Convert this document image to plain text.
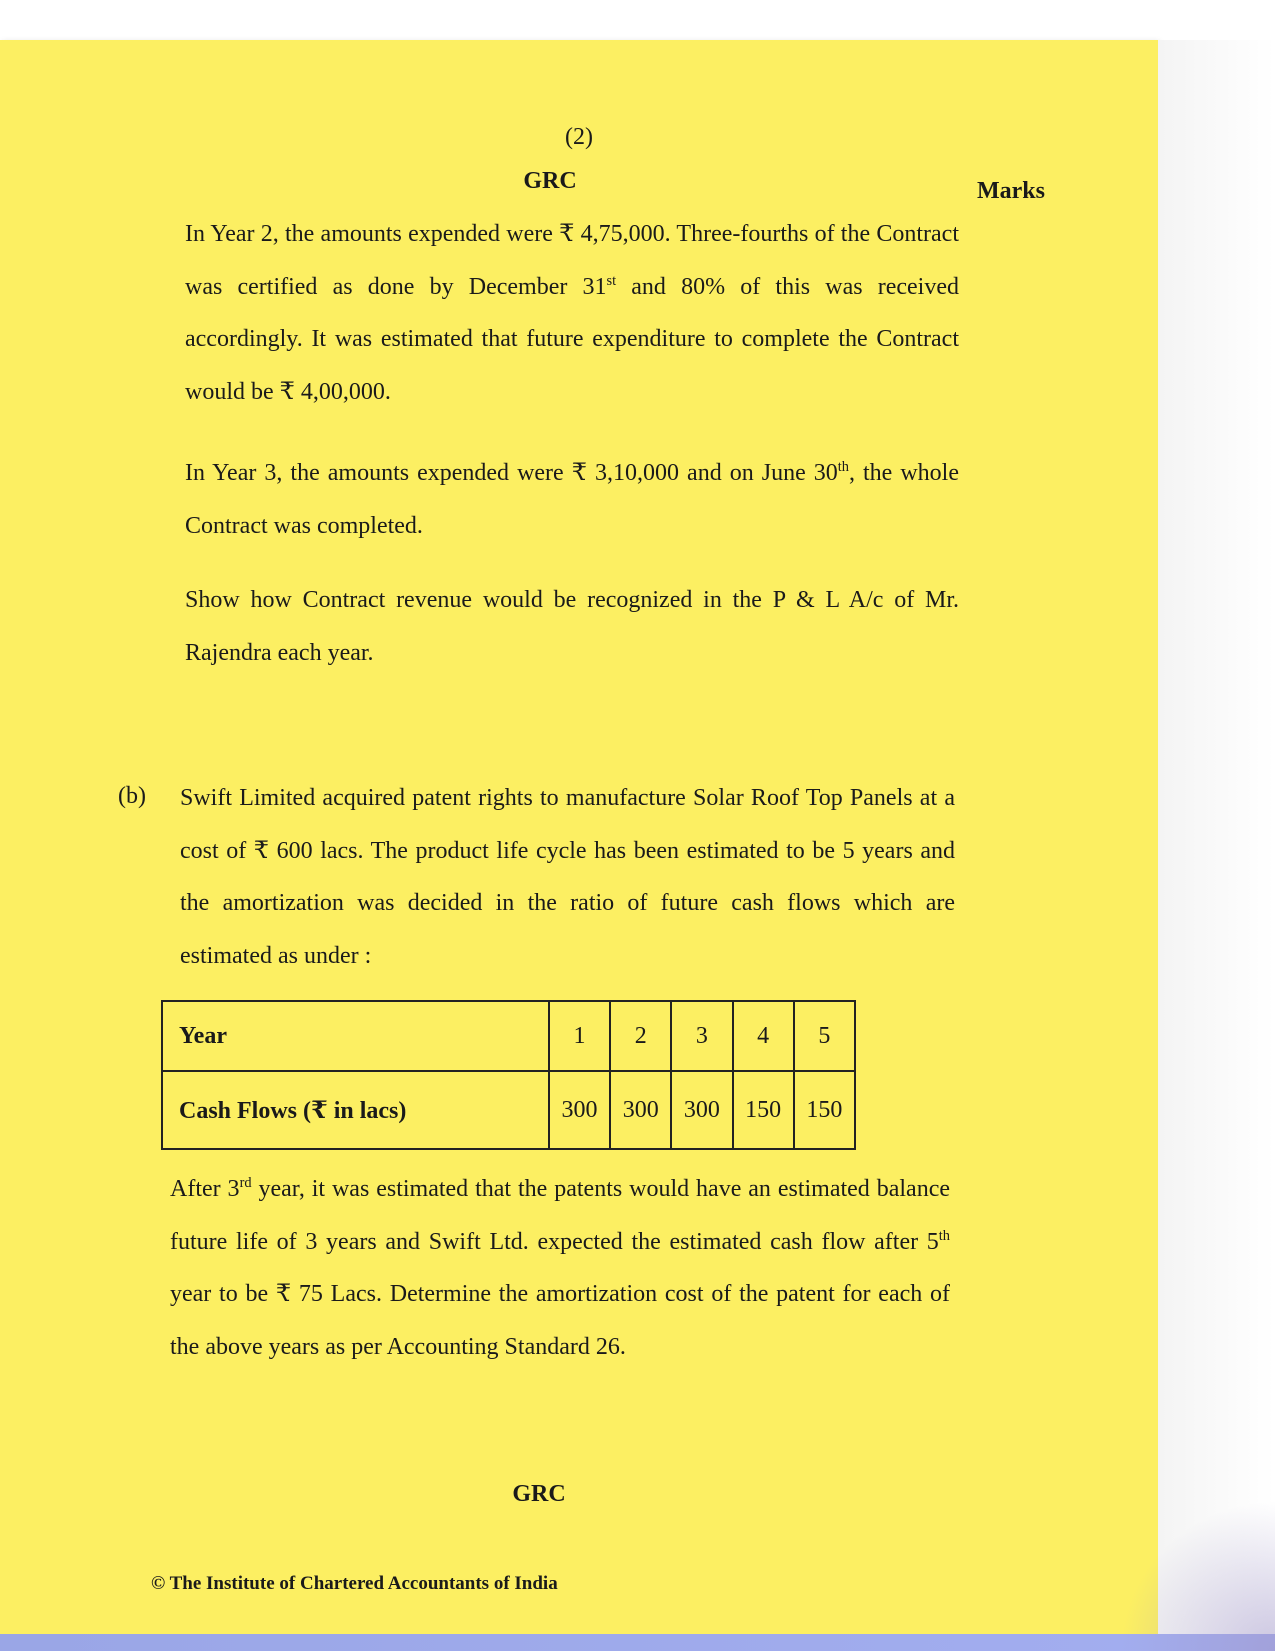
(2)

GRC	Marks

In Year 2, the amounts expended were ₹ 4,75,000. Three-fourths of the Contract was certified as done by December 31st and 80% of this was received accordingly. It was estimated that future expenditure to complete the Contract would be ₹ 4,00,000.

In Year 3, the amounts expended were ₹ 3,10,000 and on June 30th, the whole Contract was completed.

Show how Contract revenue would be recognized in the P & L A/c of Mr. Rajendra each year.

(b) Swift Limited acquired patent rights to manufacture Solar Roof Top Panels at a cost of ₹ 600 lacs. The product life cycle has been estimated to be 5 years and the amortization was decided in the ratio of future cash flows which are estimated as under :

Year	1	2	3	4	5
Cash Flows (₹ in lacs)	300	300	300	150	150

After 3rd year, it was estimated that the patents would have an estimated balance future life of 3 years and Swift Ltd. expected the estimated cash flow after 5th year to be ₹ 75 Lacs. Determine the amortization cost of the patent for each of the above years as per Accounting Standard 26.

GRC

© The Institute of Chartered Accountants of India
